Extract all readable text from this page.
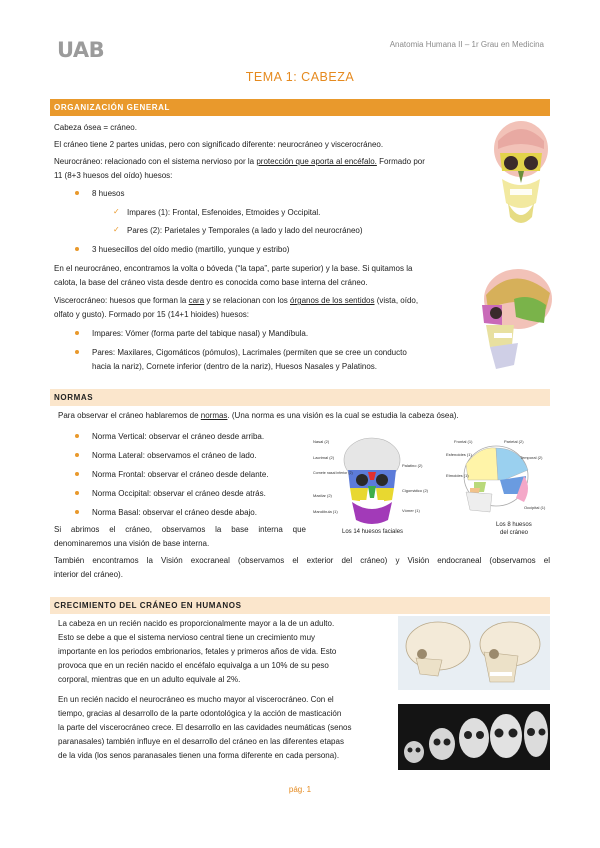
UAB	Anatomia Humana II – 1r Grau en Medicina
TEMA 1: CABEZA
ORGANIZACIÓN GENERAL
Cabeza ósea = cráneo.
El cráneo tiene 2 partes unidas, pero con significado diferente: neurocráneo y viscerocráneo.
Neurocráneo: relacionado con el sistema nervioso por la protección que aporta al encéfalo. Formado por
11 (8+3 huesos del oído) huesos:
8 huesos
✓ Impares (1): Frontal, Esfenoides, Etmoides y Occipital.
✓ Pares (2): Parietales y Temporales (a lado y lado del neurocráneo)
3 huesecillos del oído medio (martillo, yunque y estribo)
En el neurocráneo, encontramos la volta o bóveda (“la tapa”, parte superior) y la base. Si quitamos la
calota, la base del cráneo vista desde dentro es conocida como base interna del cráneo.
Viscerocráneo: huesos que forman la cara y se relacionan con los órganos de los sentidos (vista, oído,
olfato y gusto). Formado por 15 (14+1 hioides) huesos:
Impares: Vómer (forma parte del tabique nasal) y Mandíbula.
Pares: Maxilares, Cigomáticos (pómulos), Lacrimales (permiten que se cree un conducto
hacia la nariz), Cornete inferior (dentro de la nariz), Huesos Nasales y Palatinos.
NORMAS
Para observar el cráneo hablaremos de normas. (Una norma es una visión es la cual se estudia la cabeza ósea).
Norma Vertical: observar el cráneo desde arriba.
Norma Lateral: observamos el cráneo de lado.
Norma Frontal: observar el cráneo desde delante.
Norma Occipital: observar el cráneo desde atrás.
Norma Basal: observar el cráneo desde abajo.
Si abrimos el cráneo, observamos la base interna que
denominaremos una visión de base interna.
Nasal (2)
Lacrimal (2)
Cornete nasal inferior (2)
Maxilar (2)
Mandíbula (1)
Palatino (2)
Cigomático (2)
Vómer (1)
Los 14 huesos faciales
Frontal (1)	Parietal (2)
Esfenoides (1)
Temporal (2)
Etmoides (1)
Occipital (1)
Los 8 huesos
del cráneo
También encontramos la Visión exocraneal (observamos el exterior del cráneo) y Visión endocraneal (observamos el
interior del cráneo).
CRECIMIENTO DEL CRÁNEO EN HUMANOS
La cabeza en un recién nacido es proporcionalmente mayor a la de un adulto.
Esto se debe a que el sistema nervioso central tiene un crecimiento muy
importante en los periodos embrionarios, fetales y primeros años de vida. Esto
provoca que en un recién nacido el encéfalo equivalga a un 10% de su peso
corporal, mientras que en un adulto equivale al 2%.
En un recién nacido el neurocráneo es mucho mayor al viscerocráneo. Con el
tiempo, gracias al desarrollo de la parte odontológica y la acción de masticación
la parte del viscerocráneo crece. El desarrollo en las cavidades neumáticas (senos
paranasales) también influye en el desarrollo del cráneo en las diferentes etapas
de la vida (los senos paranasales tienen una forma diferente en cada persona).
pág. 1
